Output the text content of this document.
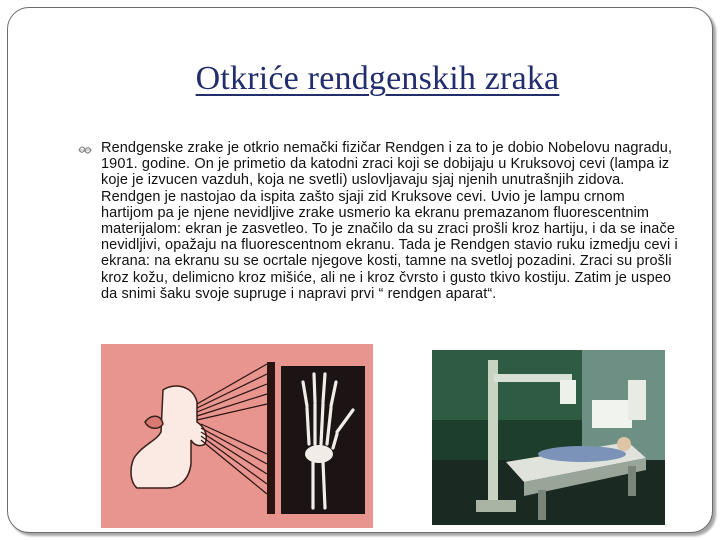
Otkriće rendgenskih zraka
Rendgenske zrake je otkrio nemački fizičar Rendgen i za to je dobio Nobelovu nagradu, 1901. godine. On je primetio da katodni zraci koji se dobijaju u Kruksovoj cevi (lampa iz koje je izvucen vazduh, koja ne svetli) uslovljavaju sjaj njenih unutrašnjih zidova. Rendgen je nastojao da ispita zašto sjaji zid Kruksove cevi. Uvio je lampu crnom hartijom pa je njene nevidljive zrake usmerio ka ekranu premazanom fluorescentnim materijalom: ekran je zasvetleo. To je značilo da su zraci prošli kroz hartiju, i da se inače nevidljivi, opažaju na fluorescentnom ekranu. Tada je Rendgen stavio ruku izmedju cevi i ekrana: na ekranu su se ocrtale njegove kosti, tamne na svetloj pozadini. Zraci su prošli kroz kožu, delimicno kroz mišiće, ali ne i kroz čvrsto i gusto tkivo kostiju. Zatim je uspeo da snimi šaku svoje supruge i napravi prvi “ rendgen aparat“.
